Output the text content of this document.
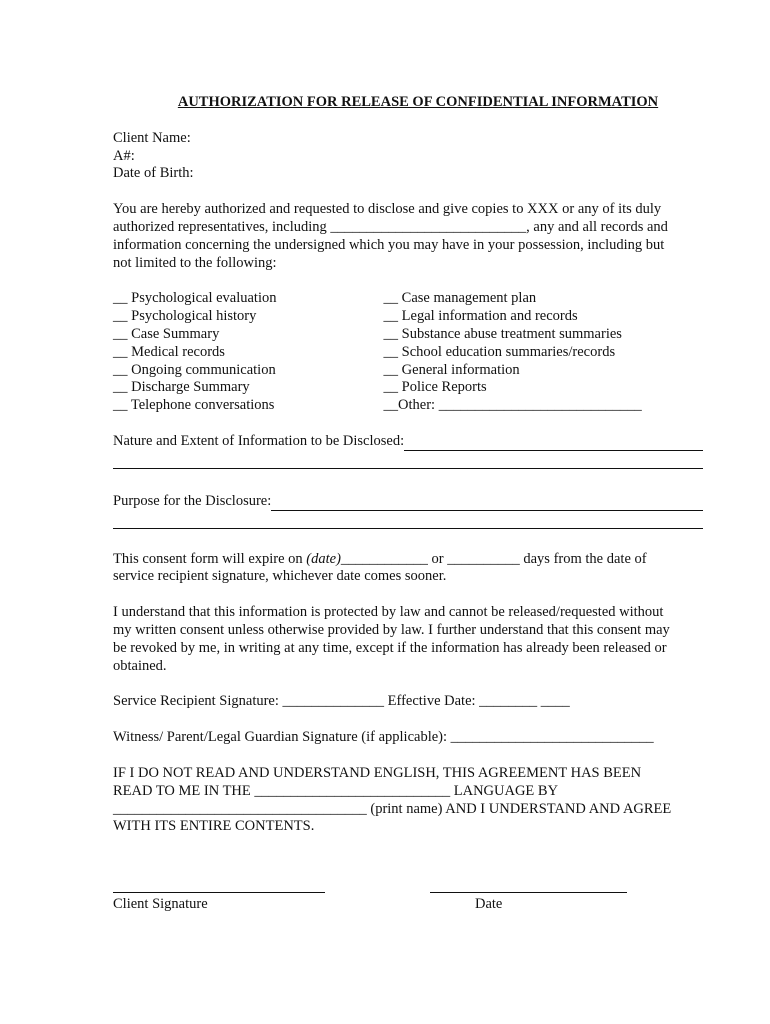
AUTHORIZATION FOR RELEASE OF CONFIDENTIAL INFORMATION
Client Name:
A#:
Date of Birth:
You are hereby authorized and requested to disclose and give copies to XXX or any of its duly
authorized representatives, including ___________________________, any and all records and
information concerning the undersigned which you may have in your possession, including but
not limited to the following:
__ Psychological evaluation
__ Psychological history
__ Case Summary
__ Medical records
__ Ongoing communication
__ Discharge Summary
__ Telephone conversations
__ Case management plan
__ Legal information and records
__ Substance abuse treatment summaries
__ School education summaries/records
__ General information
__ Police Reports
__Other: ____________________________
Nature and Extent of Information to be Disclosed:
Purpose for the Disclosure:
This consent form will expire on (date)____________ or __________ days from the date of
service recipient signature, whichever date comes sooner.
I understand that this information is protected by law and cannot be released/requested without
my written consent unless otherwise provided by law. I further understand that this consent may
be revoked by me, in writing at any time, except if the information has already been released or
obtained.
Service Recipient Signature: ______________ Effective Date: ________ ____
Witness/ Parent/Legal Guardian Signature (if applicable): ____________________________
IF I DO NOT READ AND UNDERSTAND ENGLISH, THIS AGREEMENT HAS BEEN
READ TO ME IN THE ___________________________ LANGUAGE BY
___________________________________ (print name) AND I UNDERSTAND AND AGREE
WITH ITS ENTIRE CONTENTS.
Client Signature	Date
